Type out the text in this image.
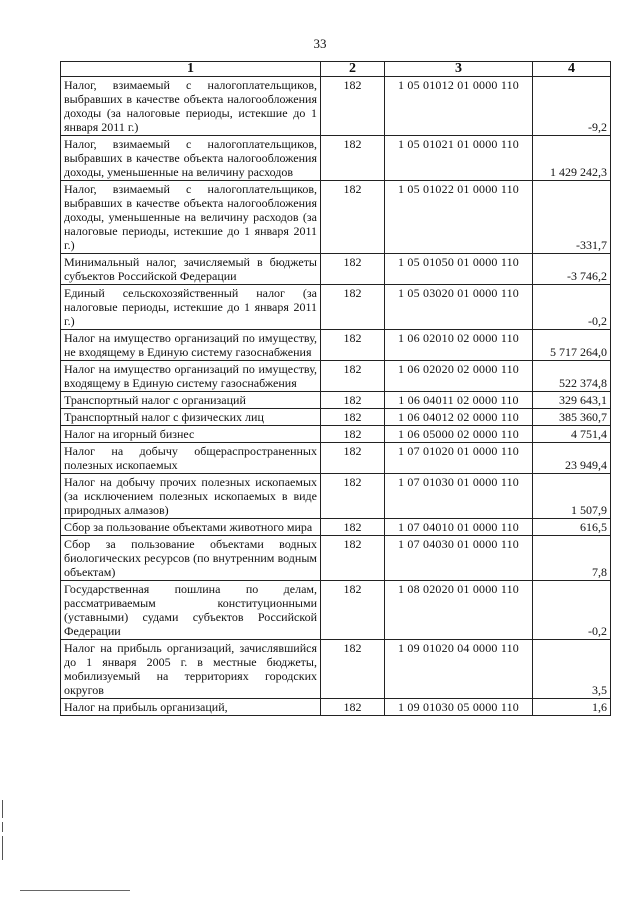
33
1	2	3	4
Налог, взимаемый с налогоплательщиков, выбравших в качестве объекта налогообложения доходы (за налоговые периоды, истекшие до 1 января 2011 г.)	182	1 05 01012 01 0000 110	-9,2
Налог, взимаемый с налогоплательщиков, выбравших в качестве объекта налогообложения доходы, уменьшенные на величину расходов	182	1 05 01021 01 0000 110	1 429 242,3
Налог, взимаемый с налогоплательщиков, выбравших в качестве объекта налогообложения доходы, уменьшенные на величину расходов (за налоговые периоды, истекшие до 1 января 2011 г.)	182	1 05 01022 01 0000 110	-331,7
Минимальный налог, зачисляемый в бюджеты субъектов Российской Федерации	182	1 05 01050 01 0000 110	-3 746,2
Единый сельскохозяйственный налог (за налоговые периоды, истекшие до 1 января 2011 г.)	182	1 05 03020 01 0000 110	-0,2
Налог на имущество организаций по имуществу, не входящему в Единую систему газоснабжения	182	1 06 02010 02 0000 110	5 717 264,0
Налог на имущество организаций по имуществу, входящему в Единую систему газоснабжения	182	1 06 02020 02 0000 110	522 374,8
Транспортный налог с организаций	182	1 06 04011 02 0000 110	329 643,1
Транспортный налог с физических лиц	182	1 06 04012 02 0000 110	385 360,7
Налог на игорный бизнес	182	1 06 05000 02 0000 110	4 751,4
Налог на добычу общераспространенных полезных ископаемых	182	1 07 01020 01 0000 110	23 949,4
Налог на добычу прочих полезных ископаемых (за исключением полезных ископаемых в виде природных алмазов)	182	1 07 01030 01 0000 110	1 507,9
Сбор за пользование объектами животного мира	182	1 07 04010 01 0000 110	616,5
Сбор за пользование объектами водных биологических ресурсов (по внутренним водным объектам)	182	1 07 04030 01 0000 110	7,8
Государственная пошлина по делам, рассматриваемым конституционными (уставными) судами субъектов Российской Федерации	182	1 08 02020 01 0000 110	-0,2
Налог на прибыль организаций, зачислявшийся до 1 января 2005 г. в местные бюджеты, мобилизуемый на территориях городских округов	182	1 09 01020 04 0000 110	3,5
Налог на прибыль организаций,	182	1 09 01030 05 0000 110	1,6
